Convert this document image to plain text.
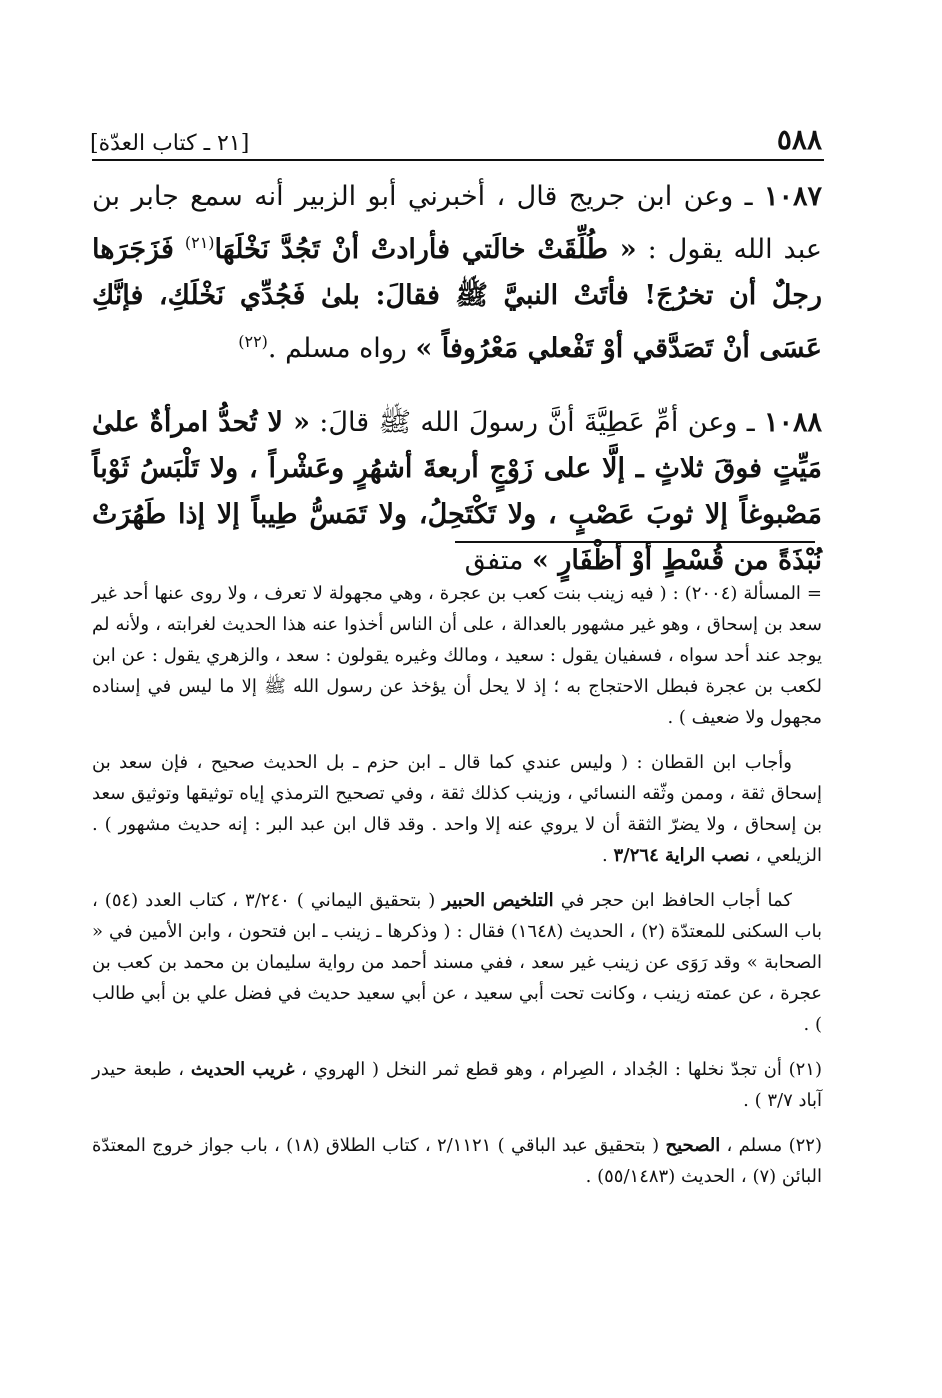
٥٨٨
[٢١ ـ كتاب العدّة]

١٠٨٧ ـ وعن ابن جريج قال ، أخبرني أبو الزبير أنه سمع جابر بن عبد الله يقول : « طُلِّقَتْ خالَتي فأرادتْ أنْ تَجُدَّ نَخْلَهَا$^{(٢١)}$ فَزَجَرَها رجلٌ أن تخرُجَ! فأتَتْ النبيَّ ﷺ فقالَ: بلىٰ فَجُدِّي نَخْلَكِ، فإنَّكِ عَسَى أنْ تَصَدَّقي أوْ تَفْعلي مَعْرُوفاً » رواه مسلم .$^{(٢٢)}$

١٠٨٨ ـ وعن أمِّ عَطِيَّةَ أنَّ رسولَ الله ﷺ قالَ: « لا تُحدُّ امرأةٌ علىٰ مَيِّتٍ فوقَ ثلاثٍ ـ إلَّا على زَوْجٍ أربعةَ أشهُرٍ وعَشْراً ، ولا تَلْبَسُ ثَوْباً مَصْبوغاً إلا ثوبَ عَصْبٍ ، ولا تَكْتَحِلُ، ولا تَمَسُّ طِيباً إلا إذا طَهُرَتْ نُبْذَةً من قُسْطٍ أوْ أظْفَارٍ » متفق

= المسألة (٢٠٠٤) : ( فيه زينب بنت كعب بن عجرة ، وهي مجهولة لا تعرف ، ولا روى عنها أحد غير سعد بن إسحاق ، وهو غير مشهور بالعدالة ، على أن الناس أخذوا عنه هذا الحديث لغرابته ، ولأنه لم يوجد عند أحد سواه ، فسفيان يقول : سعيد ، ومالك وغيره يقولون : سعد ، والزهري يقول : عن ابن لكعب بن عجرة فبطل الاحتجاج به ؛ إذ لا يحل أن يؤخذ عن رسول الله ﷺ إلا ما ليس في إسناده مجهول ولا ضعيف ) .

وأجاب ابن القطان : ( وليس عندي كما قال ـ ابن حزم ـ بل الحديث صحيح ، فإن سعد بن إسحاق ثقة ، وممن وثّقه النسائي ، وزينب كذلك ثقة ، وفي تصحيح الترمذي إياه توثيقها وتوثيق سعد بن إسحاق ، ولا يضرّ الثقة أن لا يروي عنه إلا واحد . وقد قال ابن عبد البر : إنه حديث مشهور ) . الزيلعي ، نصب الراية ٣/٢٦٤ .

كما أجاب الحافظ ابن حجر في التلخيص الحبير ( بتحقيق اليماني ) ٣/٢٤٠ ، كتاب العدد (٥٤) ، باب السكنى للمعتدّة (٢) ، الحديث (١٦٤٨) فقال : ( وذكرها ـ زينب ـ ابن فتحون ، وابن الأمين في « الصحابة » وقد رَوَى عن زينب غير سعد ، ففي مسند أحمد من رواية سليمان بن محمد بن كعب بن عجرة ، عن عمته زينب ، وكانت تحت أبي سعيد ، عن أبي سعيد حديث في فضل علي بن أبي طالب ) .

(٢١) أن تجدّ نخلها : الجُداد ، الصِرام ، وهو قطع ثمر النخل ( الهروي ، غريب الحديث ، طبعة حيدر آباد ٣/٧ ) .

(٢٢) مسلم ، الصحيح ( بتحقيق عبد الباقي ) ٢/١١٢١ ، كتاب الطلاق (١٨) ، باب جواز خروج المعتدّة البائن (٧) ، الحديث (٥٥/١٤٨٣) .
